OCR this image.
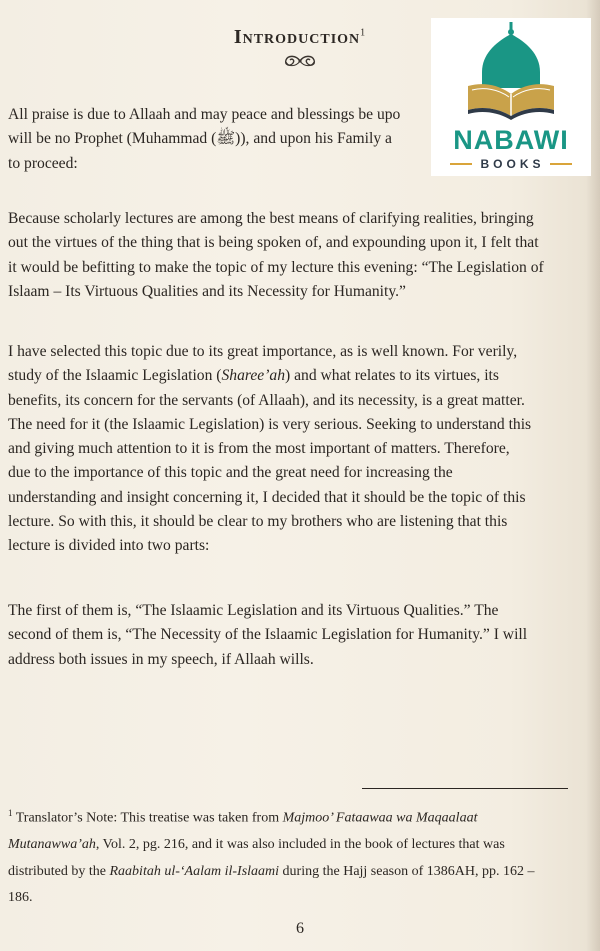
Introduction$^1$
All praise is due to Allaah and may peace and blessings be upo
will be no Prophet (Muhammad (ﷺ)), and upon his Family a
to proceed:
Because scholarly lectures are among the best means of clarifying realities, bringing
out the virtues of the thing that is being spoken of, and expounding upon it, I felt that
it would be befitting to make the topic of my lecture this evening: “The Legislation of
Islaam – Its Virtuous Qualities and its Necessity for Humanity.”
I have selected this topic due to its great importance, as is well known. For verily,
study of the Islaamic Legislation (Sharee’ah) and what relates to its virtues, its
benefits, its concern for the servants (of Allaah), and its necessity, is a great matter.
The need for it (the Islaamic Legislation) is very serious. Seeking to understand this
and giving much attention to it is from the most important of matters. Therefore,
due to the importance of this topic and the great need for increasing the
understanding and insight concerning it, I decided that it should be the topic of this
lecture. So with this, it should be clear to my brothers who are listening that this
lecture is divided into two parts:
The first of them is, “The Islaamic Legislation and its Virtuous Qualities.” The
second of them is, “The Necessity of the Islaamic Legislation for Humanity.” I will
address both issues in my speech, if Allaah wills.
$^1$ Translator’s Note: This treatise was taken from Majmoo’ Fataawaa wa Maqaalaat
Mutanawwa’ah, Vol. 2, pg. 216, and it was also included in the book of lectures that was
distributed by the Raabitah ul-‘Aalam il-Islaami during the Hajj season of 1386AH, pp. 162 –
186.
6
NABAWI
BOOKS
